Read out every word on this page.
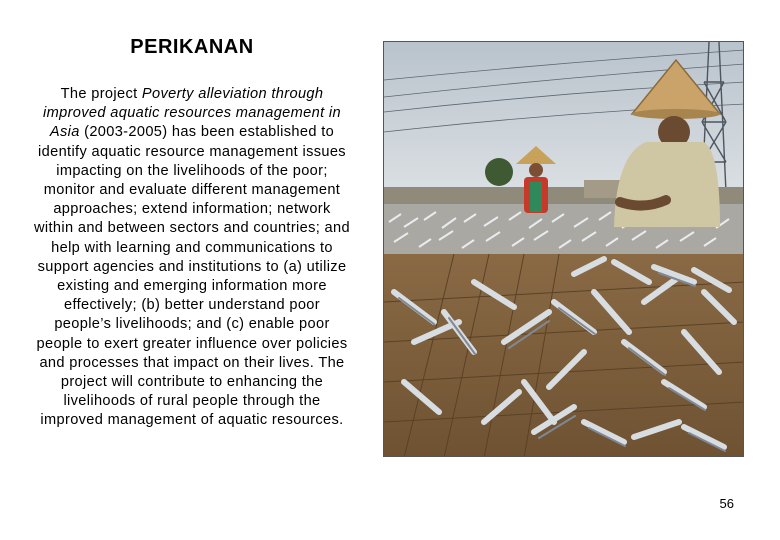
PERIKANAN
The project Poverty alleviation through improved aquatic resources management in Asia (2003-2005) has been established to identify aquatic resource management issues impacting on the livelihoods of the poor; monitor and evaluate different management approaches; extend information; network within and between sectors and countries; and help with learning and communications to support agencies and institutions to (a) utilize existing and emerging information more effectively; (b) better understand poor people’s livelihoods; and (c) enable poor people to exert greater influence over policies and processes that impact on their lives. The project will contribute to enhancing the livelihoods of rural people through the improved management of aquatic resources.
56
